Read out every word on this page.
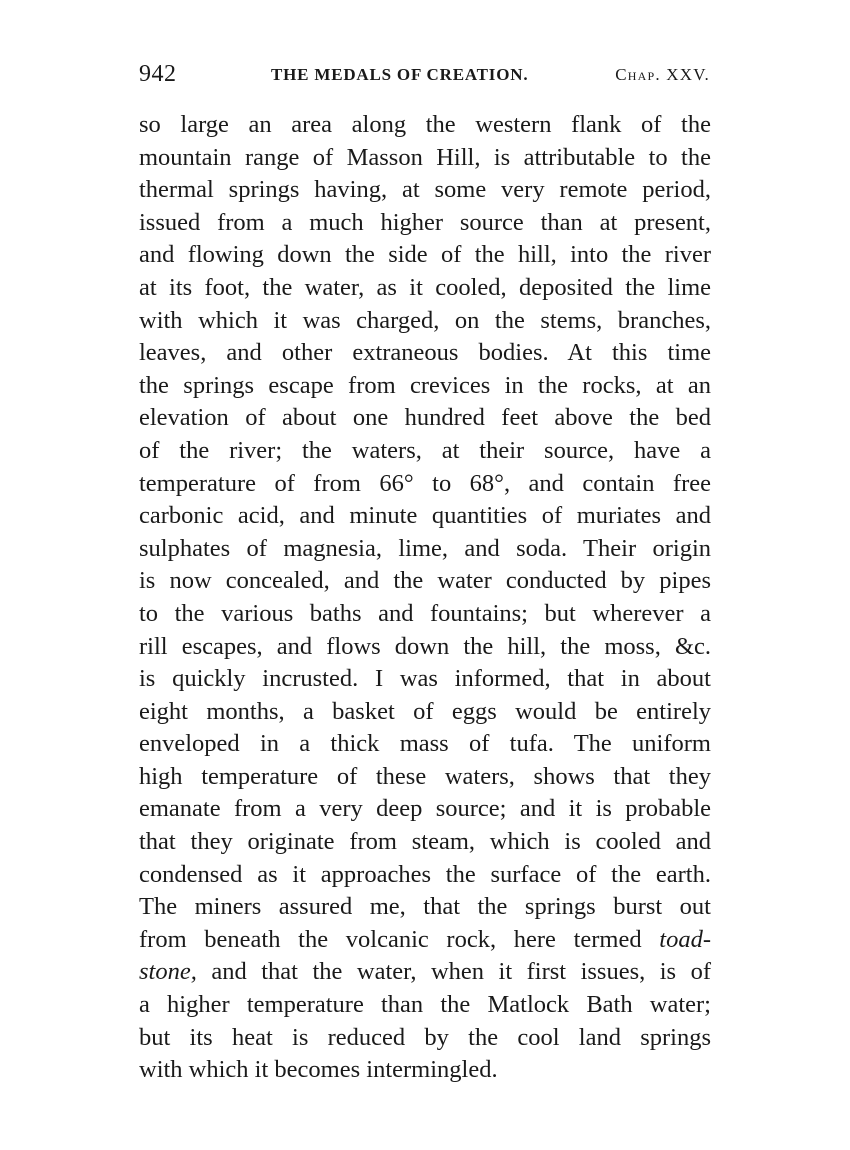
942	THE MEDALS OF CREATION.	Chap. XXV.
so large an area along the western flank of the
mountain range of Masson Hill, is attributable to the
thermal springs having, at some very remote period,
issued from a much higher source than at present,
and flowing down the side of the hill, into the river
at its foot, the water, as it cooled, deposited the lime
with which it was charged, on the stems, branches,
leaves, and other extraneous bodies. At this time
the springs escape from crevices in the rocks, at an
elevation of about one hundred feet above the bed
of the river; the waters, at their source, have a
temperature of from 66° to 68°, and contain free
carbonic acid, and minute quantities of muriates and
sulphates of magnesia, lime, and soda. Their origin
is now concealed, and the water conducted by pipes
to the various baths and fountains; but wherever a
rill escapes, and flows down the hill, the moss, &c.
is quickly incrusted. I was informed, that in about
eight months, a basket of eggs would be entirely
enveloped in a thick mass of tufa. The uniform
high temperature of these waters, shows that they
emanate from a very deep source; and it is probable
that they originate from steam, which is cooled and
condensed as it approaches the surface of the earth.
The miners assured me, that the springs burst out
from beneath the volcanic rock, here termed toad-
stone, and that the water, when it first issues, is of
a higher temperature than the Matlock Bath water;
but its heat is reduced by the cool land springs
with which it becomes intermingled.
